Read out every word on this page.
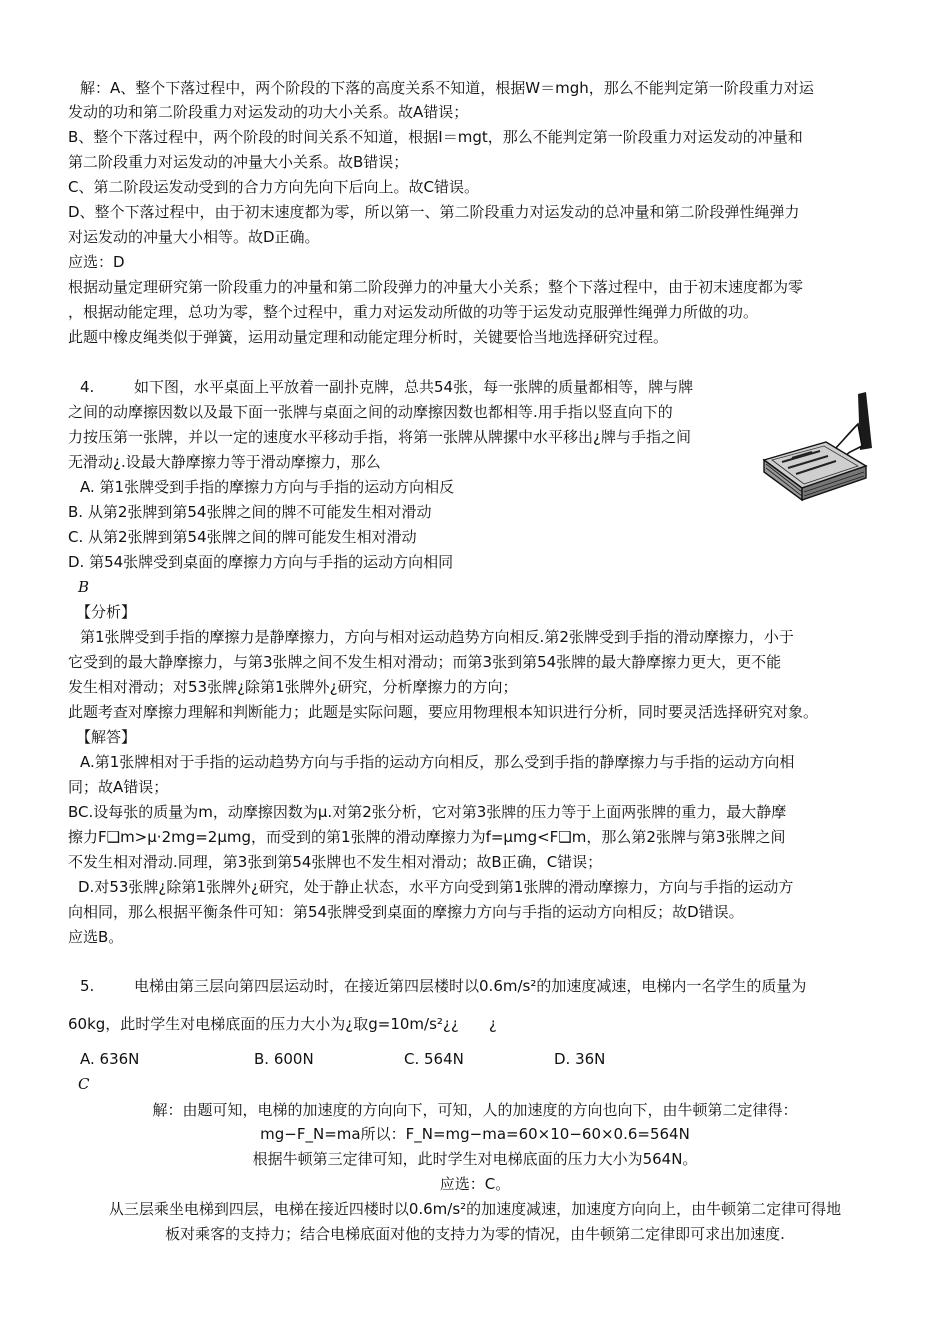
解：A、整个下落过程中，两个阶段的下落的高度关系不知道，根据W＝mgh，那么不能判定第一阶段重力对运
发动的功和第二阶段重力对运发动的功大小关系。故A错误；
B、整个下落过程中，两个阶段的时间关系不知道，根据I＝mgt，那么不能判定第一阶段重力对运发动的冲量和
第二阶段重力对运发动的冲量大小关系。故B错误；
C、第二阶段运发动受到的合力方向先向下后向上。故C错误。
D、整个下落过程中，由于初末速度都为零，所以第一、第二阶段重力对运发动的总冲量和第二阶段弹性绳弹力
对运发动的冲量大小相等。故D正确。
应选：D
根据动量定理研究第一阶段重力的冲量和第二阶段弹力的冲量大小关系；整个下落过程中，由于初末速度都为零
，根据动能定理，总功为零，整个过程中，重力对运发动所做的功等于运发动克服弹性绳弹力所做的功。
此题中橡皮绳类似于弹簧，运用动量定理和动能定理分析时，关键要恰当地选择研究过程。
4.	如下图，水平桌面上平放着一副扑克牌，总共54张，每一张牌的质量都相等，牌与牌
之间的动摩擦因数以及最下面一张牌与桌面之间的动摩擦因数也都相等.用手指以竖直向下的
力按压第一张牌，并以一定的速度水平移动手指，将第一张牌从牌摞中水平移出¿牌与手指之间
无滑动¿.设最大静摩擦力等于滑动摩擦力，那么
A. 第1张牌受到手指的摩擦力方向与手指的运动方向相反
B. 从第2张牌到第54张牌之间的牌不可能发生相对滑动
C. 从第2张牌到第54张牌之间的牌可能发生相对滑动
D. 第54张牌受到桌面的摩擦力方向与手指的运动方向相同
B
【分析】
第1张牌受到手指的摩擦力是静摩擦力，方向与相对运动趋势方向相反.第2张牌受到手指的滑动摩擦力，小于
它受到的最大静摩擦力，与第3张牌之间不发生相对滑动；而第3张到第54张牌的最大静摩擦力更大，更不能
发生相对滑动；对53张牌¿除第1张牌外¿研究，分析摩擦力的方向；
此题考查对摩擦力理解和判断能力；此题是实际问题，要应用物理根本知识进行分析，同时要灵活选择研究对象。
【解答】
A.第1张牌相对于手指的运动趋势方向与手指的运动方向相反，那么受到手指的静摩擦力与手指的运动方向相
同；故A错误；
BC.设每张的质量为m，动摩擦因数为μ.对第2张分析，它对第3张牌的压力等于上面两张牌的重力，最大静摩
擦力F❑m>μ·2mg=2μmg，而受到的第1张牌的滑动摩擦力为f=μmg<F❑m，那么第2张牌与第3张牌之间
不发生相对滑动.同理，第3张到第54张牌也不发生相对滑动；故B正确，C错误；
D.对53张牌¿除第1张牌外¿研究，处于静止状态，水平方向受到第1张牌的滑动摩擦力，方向与手指的运动方
向相同，那么根据平衡条件可知：第54张牌受到桌面的摩擦力方向与手指的运动方向相反；故D错误。
应选B。
5.	电梯由第三层向第四层运动时，在接近第四层楼时以0.6m/s²的加速度减速，电梯内一名学生的质量为
60kg，此时学生对电梯底面的压力大小为¿取g=10m/s²¿¿　　¿
A. 636N	B. 600N	C. 564N	D. 36N
C
解：由题可知，电梯的加速度的方向向下，可知，人的加速度的方向也向下，由牛顿第二定律得：
mg−F_N=ma所以：F_N=mg−ma=60×10−60×0.6=564N
根据牛顿第三定律可知，此时学生对电梯底面的压力大小为564N。
应选：C。
从三层乘坐电梯到四层，电梯在接近四楼时以0.6m/s²的加速度减速，加速度方向向上，由牛顿第二定律可得地
板对乘客的支持力；结合电梯底面对他的支持力为零的情况，由牛顿第二定律即可求出加速度.
